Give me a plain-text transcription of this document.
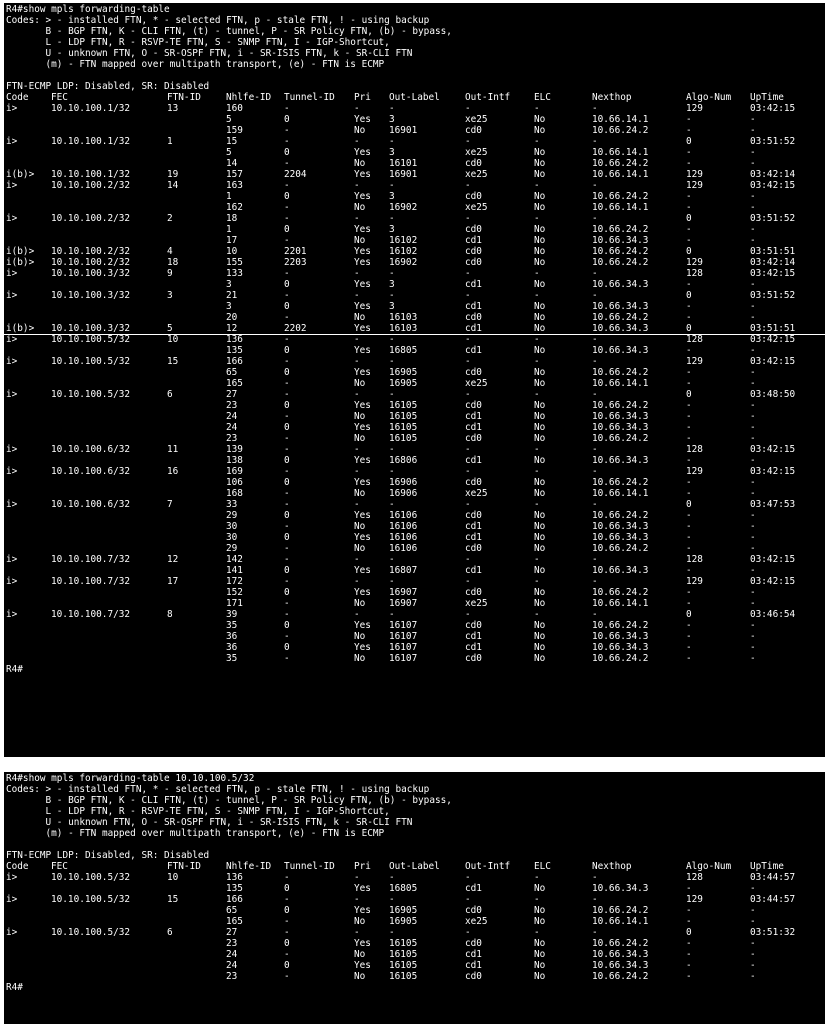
R4#show mpls forwarding-table
Codes: > - installed FTN, * - selected FTN, p - stale FTN, ! - using backup
B - BGP FTN, K - CLI FTN, (t) - tunnel, P - SR Policy FTN, (b) - bypass,
L - LDP FTN, R - RSVP-TE FTN, S - SNMP FTN, I - IGP-Shortcut,
U - unknown FTN, O - SR-OSPF FTN, i - SR-ISIS FTN, k - SR-CLI FTN
(m) - FTN mapped over multipath transport, (e) - FTN is ECMP
FTN-ECMP LDP: Disabled, SR: Disabled
Code FEC	FTN-ID	Nhlfe-ID Tunnel-ID Pri Out-Label	Out-Intf	ELC	Nexthop	Algo-Num UpTime
i>	10.10.100.1/32	13	160	-	-	-	-	-	-	129	03:42:15
5	0	Yes 3	xe25	No	10.66.14.1	-	-
159	-	No	16901	cd0	No	10.66.24.2	-	-
i>	10.10.100.1/32	1	15	-	-	-	-	-	-	0	03:51:52
5	0	Yes 3	xe25	No	10.66.14.1	-	-
14	-	No	16101	cd0	No	10.66.24.2	-	-
i(b)> 10.10.100.1/32	19	157	2204	Yes 16901	xe25	No	10.66.14.1	129	03:42:14
i>	10.10.100.2/32	14	163	-	-	-	-	-	-	129	03:42:15
1	0	Yes 3	cd0	No	10.66.24.2	-	-
162	-	No	16902	xe25	No	10.66.14.1	-	-
i>	10.10.100.2/32	2	18	-	-	-	-	-	-	0	03:51:52
1	0	Yes 3	cd0	No	10.66.24.2	-	-
17	-	No	16102	cd1	No	10.66.34.3	-	-
i(b)> 10.10.100.2/32	4	10	2201	Yes 16102	cd0	No	10.66.24.2	0	03:51:51
i(b)> 10.10.100.2/32	18	155	2203	Yes 16902	cd0	No	10.66.24.2	129	03:42:14
i>	10.10.100.3/32	9	133	-	-	-	-	-	-	128	03:42:15
3	0	Yes 3	cd1	No	10.66.34.3	-	-
i>	10.10.100.3/32	3	21	-	-	-	-	-	-	0	03:51:52
3	0	Yes 3	cd1	No	10.66.34.3	-	-
20	-	No	16103	cd0	No	10.66.24.2	-	-
i(b)> 10.10.100.3/32	5	12	2202	Yes 16103	cd1	No	10.66.34.3	0	03:51:51
i>	10.10.100.5/32	10	136	-	-	-	-	-	-	128	03:42:15
135	0	Yes 16805	cd1	No	10.66.34.3	-	-
i>	10.10.100.5/32	15	166	-	-	-	-	-	-	129	03:42:15
65	0	Yes 16905	cd0	No	10.66.24.2	-	-
165	-	No	16905	xe25	No	10.66.14.1	-	-
i>	10.10.100.5/32	6	27	-	-	-	-	-	-	0	03:48:50
23	0	Yes 16105	cd0	No	10.66.24.2	-	-
24	-	No	16105	cd1	No	10.66.34.3	-	-
24	0	Yes 16105	cd1	No	10.66.34.3	-	-
23	-	No	16105	cd0	No	10.66.24.2	-	-
i>	10.10.100.6/32	11	139	-	-	-	-	-	-	128	03:42:15
138	0	Yes 16806	cd1	No	10.66.34.3	-	-
i>	10.10.100.6/32	16	169	-	-	-	-	-	-	129	03:42:15
106	0	Yes 16906	cd0	No	10.66.24.2	-	-
168	-	No	16906	xe25	No	10.66.14.1	-	-
i>	10.10.100.6/32	7	33	-	-	-	-	-	-	0	03:47:53
29	0	Yes 16106	cd0	No	10.66.24.2	-	-
30	-	No	16106	cd1	No	10.66.34.3	-	-
30	0	Yes 16106	cd1	No	10.66.34.3	-	-
29	-	No	16106	cd0	No	10.66.24.2	-	-
i>	10.10.100.7/32	12	142	-	-	-	-	-	-	128	03:42:15
141	0	Yes 16807	cd1	No	10.66.34.3	-	-
i>	10.10.100.7/32	17	172	-	-	-	-	-	-	129	03:42:15
152	0	Yes 16907	cd0	No	10.66.24.2	-	-
171	-	No	16907	xe25	No	10.66.14.1	-	-
i>	10.10.100.7/32	8	39	-	-	-	-	-	-	0	03:46:54
35	0	Yes 16107	cd0	No	10.66.24.2	-	-
36	-	No	16107	cd1	No	10.66.34.3	-	-
36	0	Yes 16107	cd1	No	10.66.34.3	-	-
35	-	No	16107	cd0	No	10.66.24.2	-	-
R4#
R4#show mpls forwarding-table 10.10.100.5/32
Codes: > - installed FTN, * - selected FTN, p - stale FTN, ! - using backup
B - BGP FTN, K - CLI FTN, (t) - tunnel, P - SR Policy FTN, (b) - bypass,
L - LDP FTN, R - RSVP-TE FTN, S - SNMP FTN, I - IGP-Shortcut,
U - unknown FTN, O - SR-OSPF FTN, i - SR-ISIS FTN, k - SR-CLI FTN
(m) - FTN mapped over multipath transport, (e) - FTN is ECMP
FTN-ECMP LDP: Disabled, SR: Disabled
Code FEC	FTN-ID	Nhlfe-ID Tunnel-ID Pri Out-Label	Out-Intf	ELC	Nexthop	Algo-Num UpTime
i>	10.10.100.5/32	10	136	-	-	-	-	-	-	128	03:44:57
135	0	Yes 16805	cd1	No	10.66.34.3	-	-
i>	10.10.100.5/32	15	166	-	-	-	-	-	-	129	03:44:57
65	0	Yes 16905	cd0	No	10.66.24.2	-	-
165	-	No	16905	xe25	No	10.66.14.1	-	-
i>	10.10.100.5/32	6	27	-	-	-	-	-	-	0	03:51:32
23	0	Yes 16105	cd0	No	10.66.24.2	-	-
24	-	No	16105	cd1	No	10.66.34.3	-	-
24	0	Yes 16105	cd1	No	10.66.34.3	-	-
23	-	No	16105	cd0	No	10.66.24.2	-	-
R4#
